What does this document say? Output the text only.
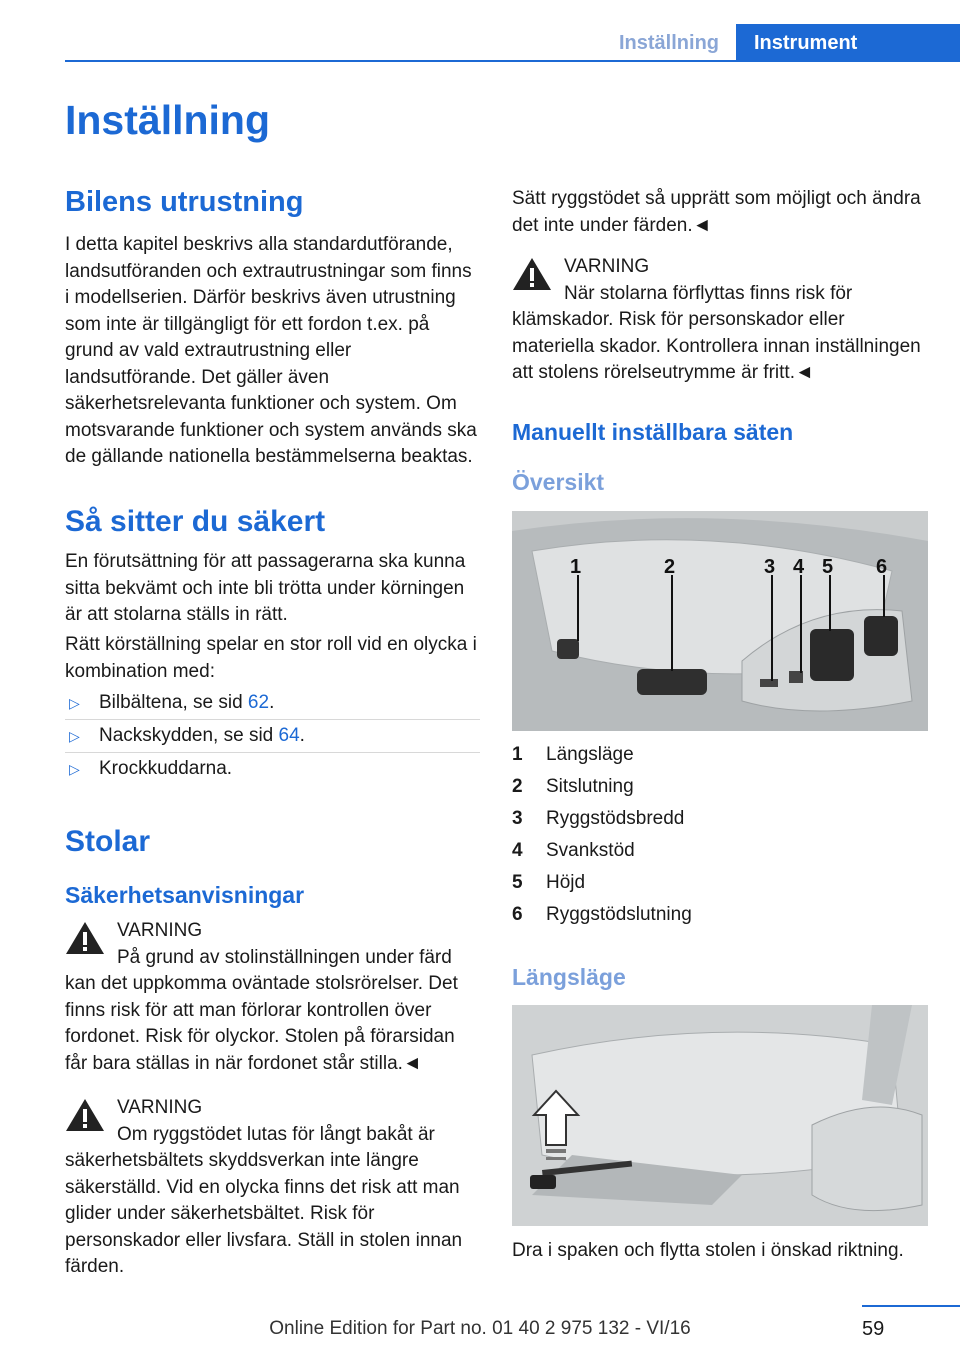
Inställning	Instrument
Inställning
Bilens utrustning

I detta kapitel beskrivs alla standardutförande, landsutföranden och extrautrustningar som finns i modellserien. Därför beskrivs även utrustning som inte är tillgängligt för ett fordon t.ex. på grund av vald extrautrustning eller landsutförande. Det gäller även säkerhetsrelevanta funktioner och system. Om motsvarande funktioner och system används ska de gällande nationella bestämmelserna beaktas.

Så sitter du säkert

En förutsättning för att passagerarna ska kunna sitta bekvämt och inte bli trötta under körningen är att stolarna ställs in rätt.

Rätt körställning spelar en stor roll vid en olycka i kombination med:

▷ Bilbältena, se sid 62.
▷ Nackskydden, se sid 64.
▷ Krockkuddarna.
Stolar
Säkerhetsanvisningar
VARNING
På grund av stolinställningen under färd kan det uppkomma oväntade stolsrörelser. Det finns risk för att man förlorar kontrollen över fordonet. Risk för olyckor. Stolen på förarsidan får bara ställas in när fordonet står stilla.◄
VARNING
Om ryggstödet lutas för långt bakåt är säkerhetsbältets skyddsverkan inte längre säkerställd. Vid en olycka finns det risk att man glider under säkerhetsbältet. Risk för personskador eller livsfara. Ställ in stolen innan färden.

Sätt ryggstödet så upprätt som möjligt och ändra det inte under färden.◄

VARNING
När stolarna förflyttas finns risk för klämskador. Risk för personskador eller materiella skador. Kontrollera innan inställningen att stolens rörelseutrymme är fritt.◄
Manuellt inställbara säten
Översikt
1	2	3 4 5 6
1 Längsläge
2 Sitslutning
3 Ryggstödsbredd
4 Svankstöd
5 Höjd
6 Ryggstödslutning
Längsläge

Dra i spaken och flytta stolen i önskad riktning.

59
Online Edition for Part no. 01 40 2 975 132 - VI/16
